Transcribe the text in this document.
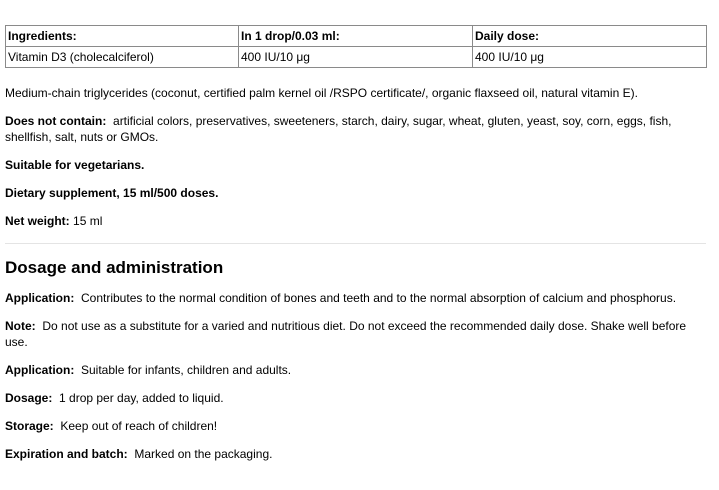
Ingredients:	In 1 drop/0.03 ml:	Daily dose:
Vitamin D3 (cholecalciferol)	400 IU/10 μg	400 IU/10 μg

Medium-chain triglycerides (coconut, certified palm kernel oil /RSPO certificate/, organic flaxseed oil, natural vitamin E).

Does not contain: artificial colors, preservatives, sweeteners, starch, dairy, sugar, wheat, gluten, yeast, soy, corn, eggs, fish, shellfish, salt, nuts or GMOs.

Suitable for vegetarians.

Dietary supplement, 15 ml/500 doses.

Net weight: 15 ml

Dosage and administration

Application: Contributes to the normal condition of bones and teeth and to the normal absorption of calcium and phosphorus.

Note: Do not use as a substitute for a varied and nutritious diet. Do not exceed the recommended daily dose. Shake well before use.

Application: Suitable for infants, children and adults.

Dosage: 1 drop per day, added to liquid.

Storage: Keep out of reach of children!

Expiration and batch: Marked on the packaging.
